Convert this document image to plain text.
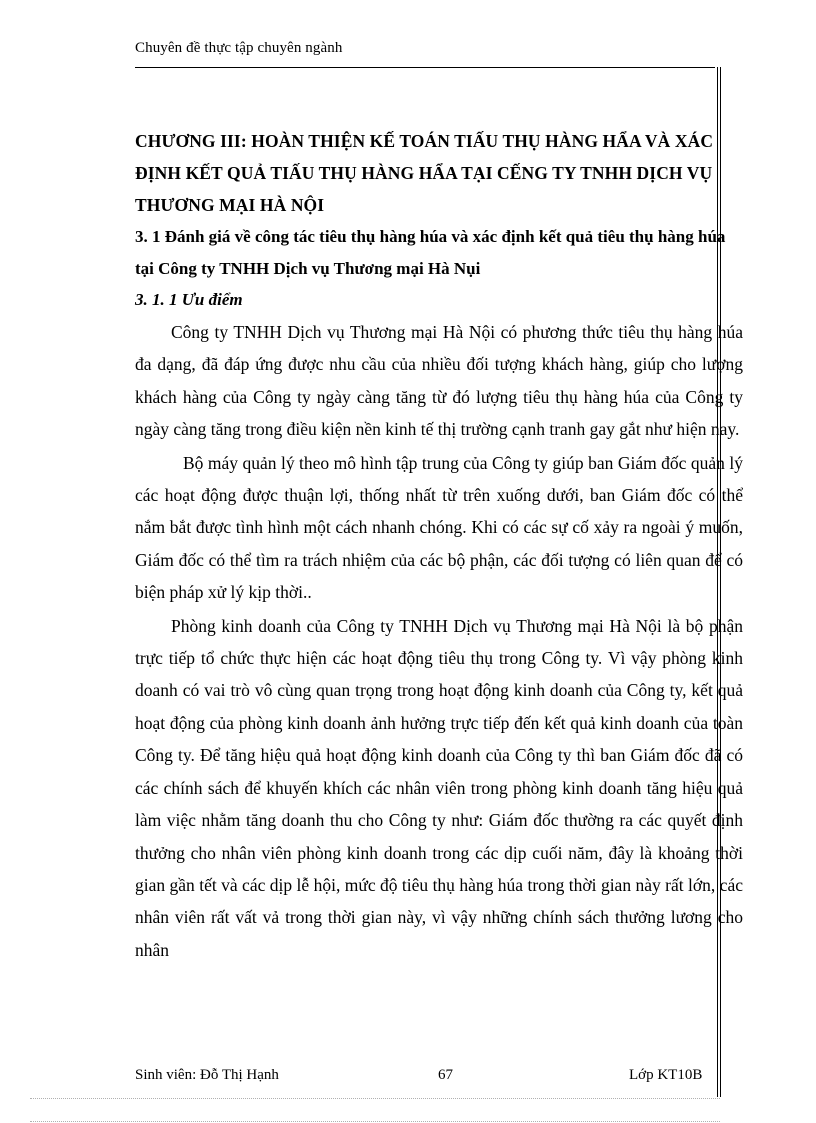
Chuyên đề thực tập chuyên ngành

CHƯƠNG III: HOÀN THIỆN KẾ TOÁN TIẤU THỤ HÀNG HẨA VÀ XÁC ĐỊNH KẾT QUẢ TIẤU THỤ HÀNG HẨA TẠI CẾNG TY TNHH DỊCH VỤ THƯƠNG MẠI HÀ NỘI

3. 1 Đánh giá về công tác tiêu thụ hàng húa và xác định kết quả tiêu thụ hàng húa tại Công ty TNHH Dịch vụ Thương mại Hà Nụi

3. 1. 1 Ưu điểm

Công ty TNHH Dịch vụ Thương mại Hà Nội có phương thức tiêu thụ hàng húa đa dạng, đã đáp ứng được nhu cầu của nhiều đối tượng khách hàng, giúp cho lượng khách hàng của Công ty ngày càng tăng từ đó lượng tiêu thụ hàng húa của Công ty ngày càng tăng trong điều kiện nền kinh tế thị trường cạnh tranh gay gắt như hiện nay.

Bộ máy quản lý theo mô hình tập trung của Công ty giúp ban Giám đốc quản lý các hoạt động được thuận lợi, thống nhất từ trên xuống dưới, ban Giám đốc có thể nắm bắt được tình hình một cách nhanh chóng. Khi có các sự cố xảy ra ngoài ý muốn, Giám đốc có thể tìm ra trách nhiệm của các bộ phận, các đối tượng có liên quan để có biện pháp xử lý kịp thời..

Phòng kinh doanh của Công ty TNHH Dịch vụ Thương mại Hà Nội là bộ phận trực tiếp tổ chức thực hiện các hoạt động tiêu thụ trong Công ty. Vì vậy phòng kinh doanh có vai trò vô cùng quan trọng trong hoạt động kinh doanh của Công ty, kết quả hoạt động của phòng kinh doanh ảnh hưởng trực tiếp đến kết quả kinh doanh của toàn Công ty. Để tăng hiệu quả hoạt động kinh doanh của Công ty thì ban Giám đốc đã có các chính sách để khuyến khích các nhân viên trong phòng kinh doanh tăng hiệu quả làm việc nhằm tăng doanh thu cho Công ty như: Giám đốc thường ra các quyết định thưởng cho nhân viên phòng kinh doanh trong các dịp cuối năm, đây là khoảng thời gian gần tết và các dịp lễ hội, mức độ tiêu thụ hàng húa trong thời gian này rất lớn, các nhân viên rất vất vả trong thời gian này, vì vậy những chính sách thưởng lương cho nhân

Sinh viên: Đỗ Thị Hạnh	67	Lớp KT10B
